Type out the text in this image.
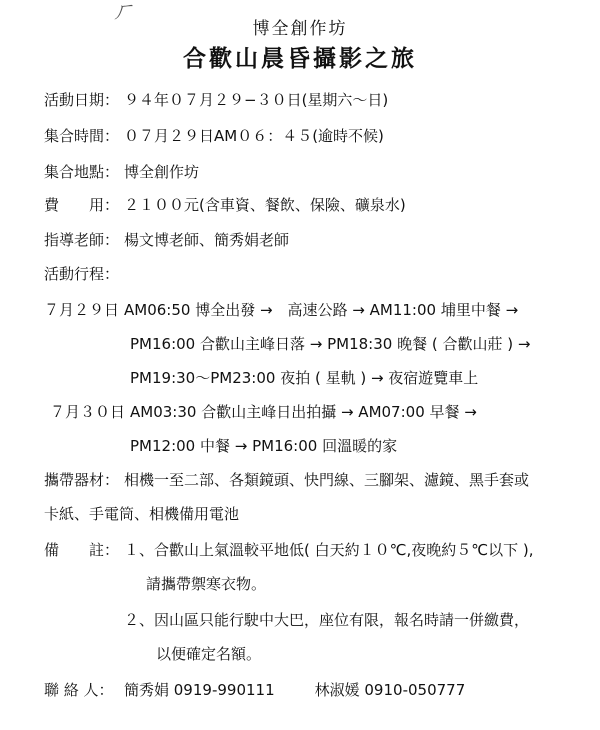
ㄏ
博全創作坊
合歡山晨昏攝影之旅
活動日期： ９４年０７月２９−３０日(星期六～日)
集合時間： ０７月２９日AM０６：４５(逾時不候)
集合地點： 博全創作坊
費　　用： ２１００元(含車資、餐飲、保險、礦泉水)
指導老師： 楊文博老師、簡秀娟老師
活動行程：
７月２９日 AM06:50 博全出發 →　高速公路 → AM11:00 埔里中餐 →
PM16:00 合歡山主峰日落 → PM18:30 晚餐 ( 合歡山莊 ) →
PM19:30～PM23:00 夜拍 ( 星軌 ) → 夜宿遊覽車上
７月３０日 AM03:30 合歡山主峰日出拍攝 → AM07:00 早餐 →
PM12:00 中餐 → PM16:00 回溫暖的家
攜帶器材： 相機一至二部、各類鏡頭、快門線、三腳架、濾鏡、黑手套或
卡紙、手電筒、相機備用電池
備　　註： １、合歡山上氣溫較平地低( 白天約１０℃,夜晚約５℃以下 ),
請攜帶禦寒衣物。
２、因山區只能行駛中大巴，座位有限，報名時請一併繳費，
以便確定名額。
聯 絡 人： 簡秀娟 0919-990111	林淑媛 0910-050777
